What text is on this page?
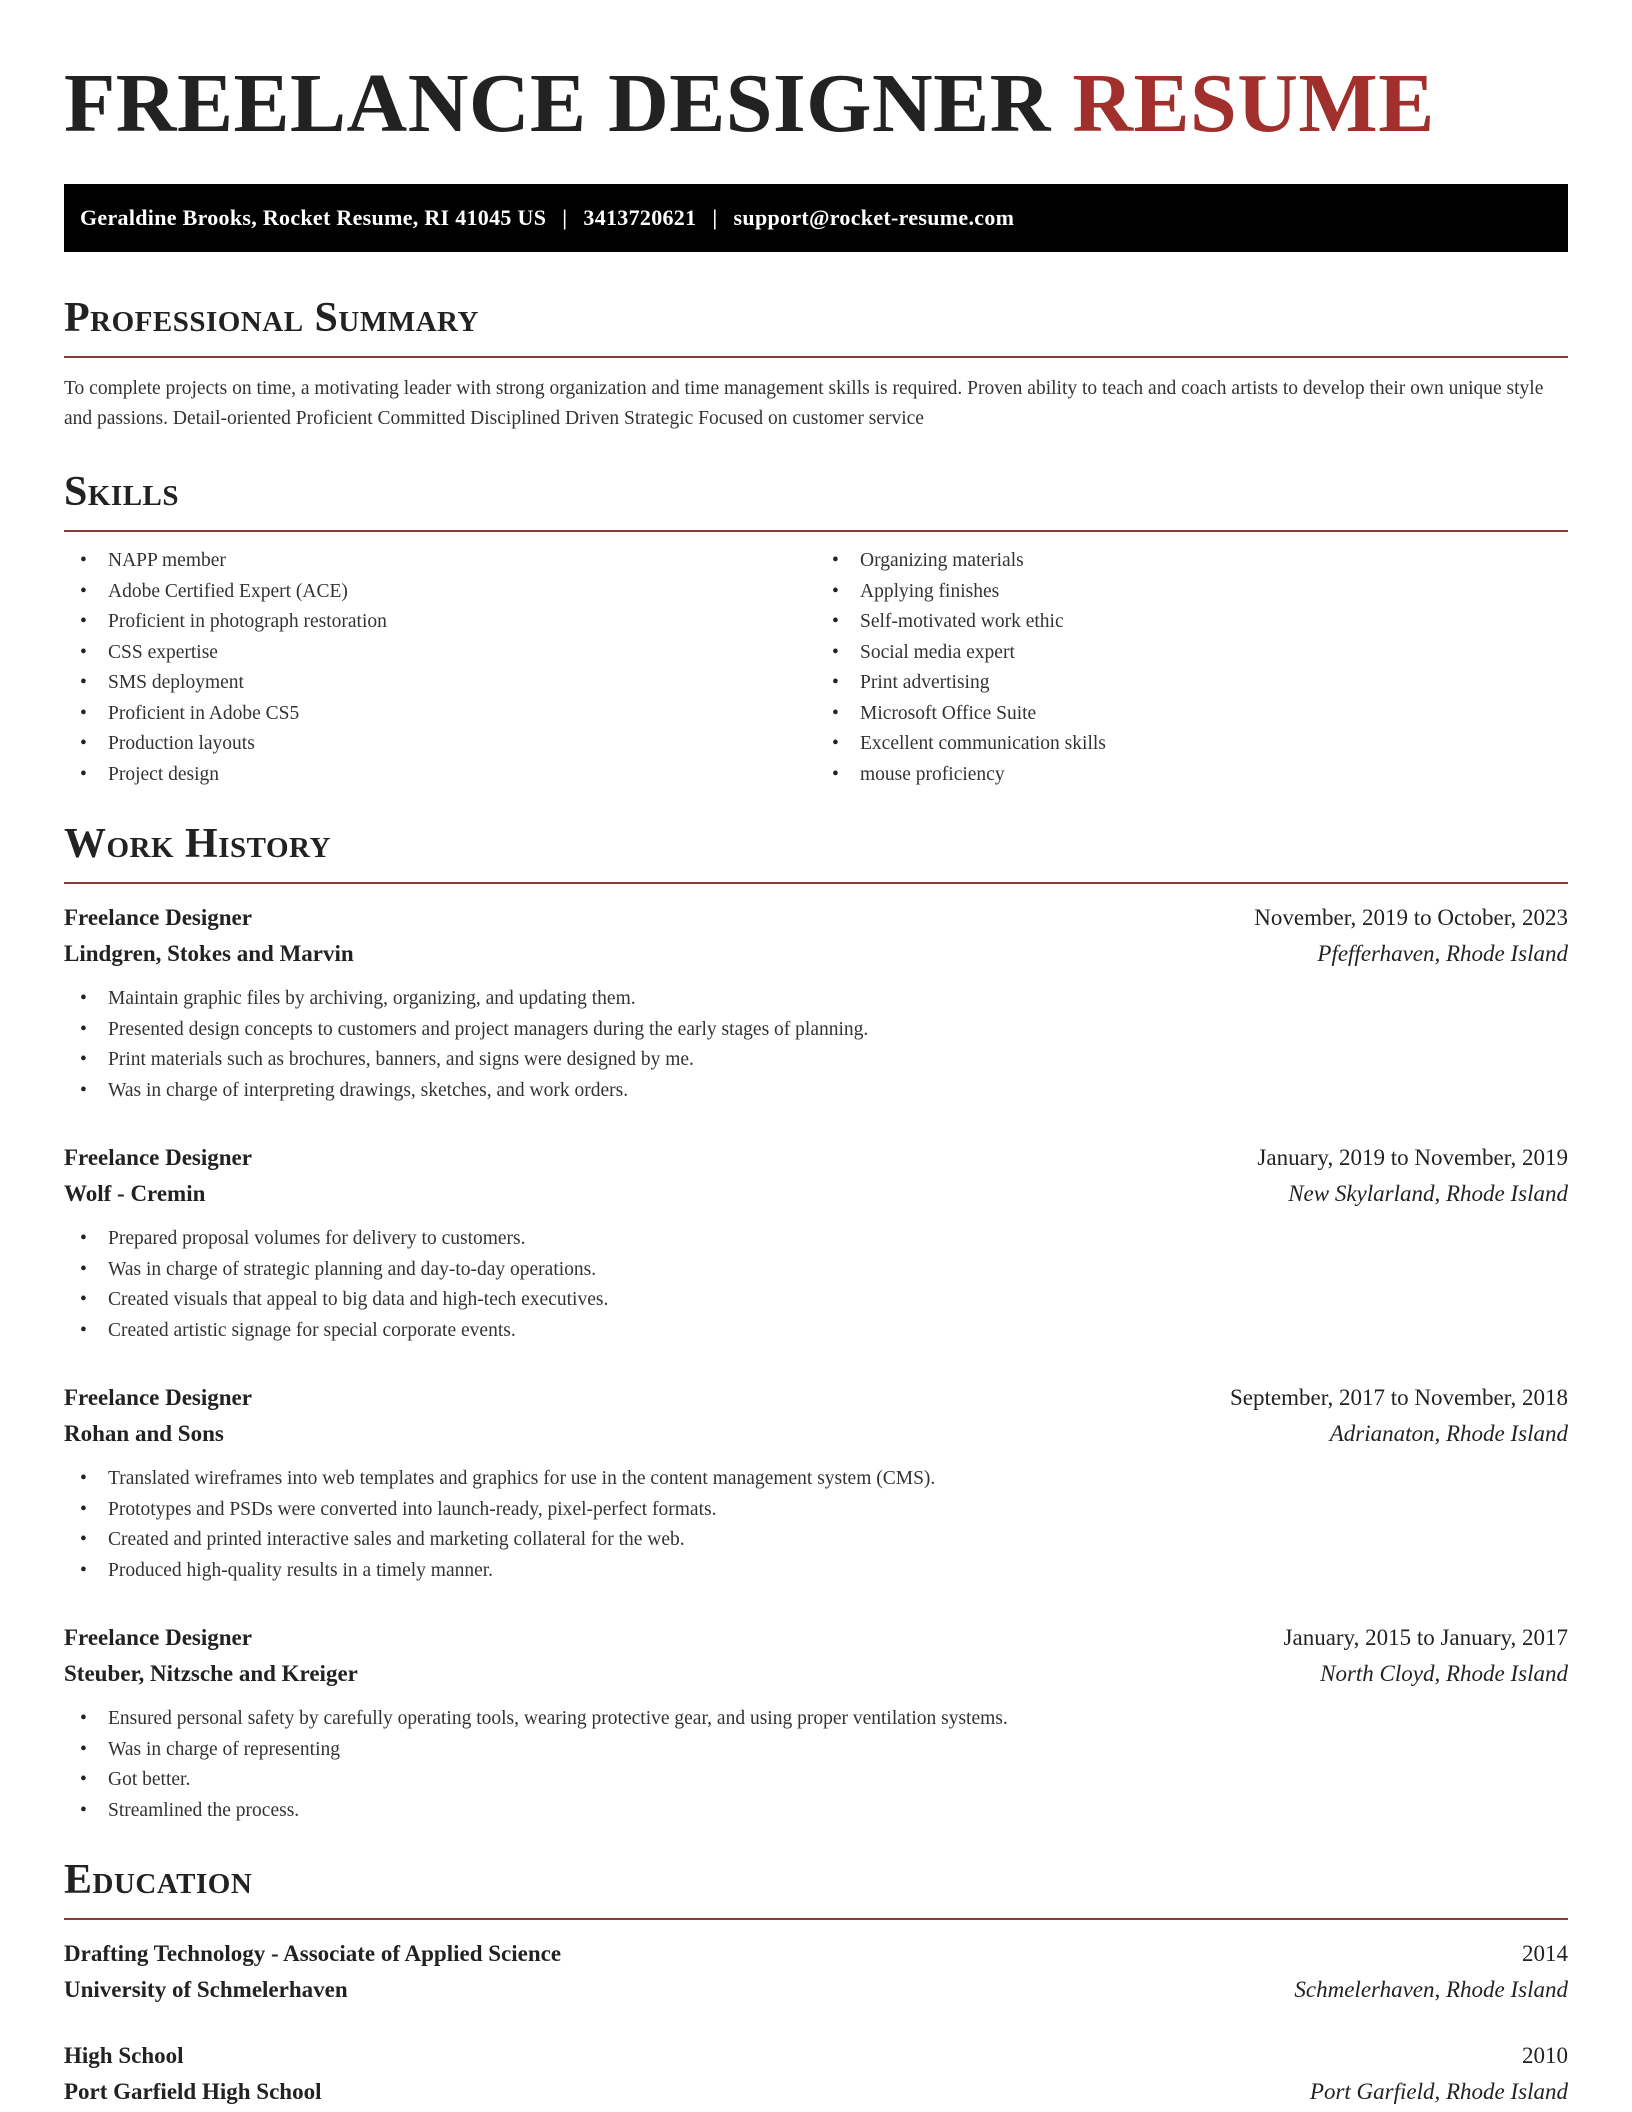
FREELANCE DESIGNER RESUME
Geraldine Brooks, Rocket Resume, RI 41045 US | 3413720621 | support@rocket-resume.com
Professional Summary

To complete projects on time, a motivating leader with strong organization and time management skills is required. Proven ability to teach and coach artists to develop their own unique style and passions. Detail-oriented Proficient Committed Disciplined Driven Strategic Focused on customer service

Skills
• NAPP member
• Adobe Certified Expert (ACE)
• Proficient in photograph restoration
• CSS expertise
• SMS deployment
• Proficient in Adobe CS5
• Production layouts
• Project design
• Organizing materials
• Applying finishes
• Self-motivated work ethic
• Social media expert
• Print advertising
• Microsoft Office Suite
• Excellent communication skills
• mouse proficiency
Work History
Freelance Designer	November, 2019 to October, 2023
Lindgren, Stokes and Marvin	Pfefferhaven, Rhode Island
• Maintain graphic files by archiving, organizing, and updating them.
• Presented design concepts to customers and project managers during the early stages of planning.
• Print materials such as brochures, banners, and signs were designed by me.
• Was in charge of interpreting drawings, sketches, and work orders.
Freelance Designer	January, 2019 to November, 2019
Wolf - Cremin	New Skylarland, Rhode Island
• Prepared proposal volumes for delivery to customers.
• Was in charge of strategic planning and day-to-day operations.
• Created visuals that appeal to big data and high-tech executives.
• Created artistic signage for special corporate events.
Freelance Designer	September, 2017 to November, 2018
Rohan and Sons	Adrianaton, Rhode Island
• Translated wireframes into web templates and graphics for use in the content management system (CMS).
• Prototypes and PSDs were converted into launch-ready, pixel-perfect formats.
• Created and printed interactive sales and marketing collateral for the web.
• Produced high-quality results in a timely manner.
Freelance Designer	January, 2015 to January, 2017
Steuber, Nitzsche and Kreiger	North Cloyd, Rhode Island
• Ensured personal safety by carefully operating tools, wearing protective gear, and using proper ventilation systems.
• Was in charge of representing
• Got better.
• Streamlined the process.
Education
Drafting Technology - Associate of Applied Science	2014
University of Schmelerhaven	Schmelerhaven, Rhode Island
High School	2010
Port Garfield High School	Port Garfield, Rhode Island
